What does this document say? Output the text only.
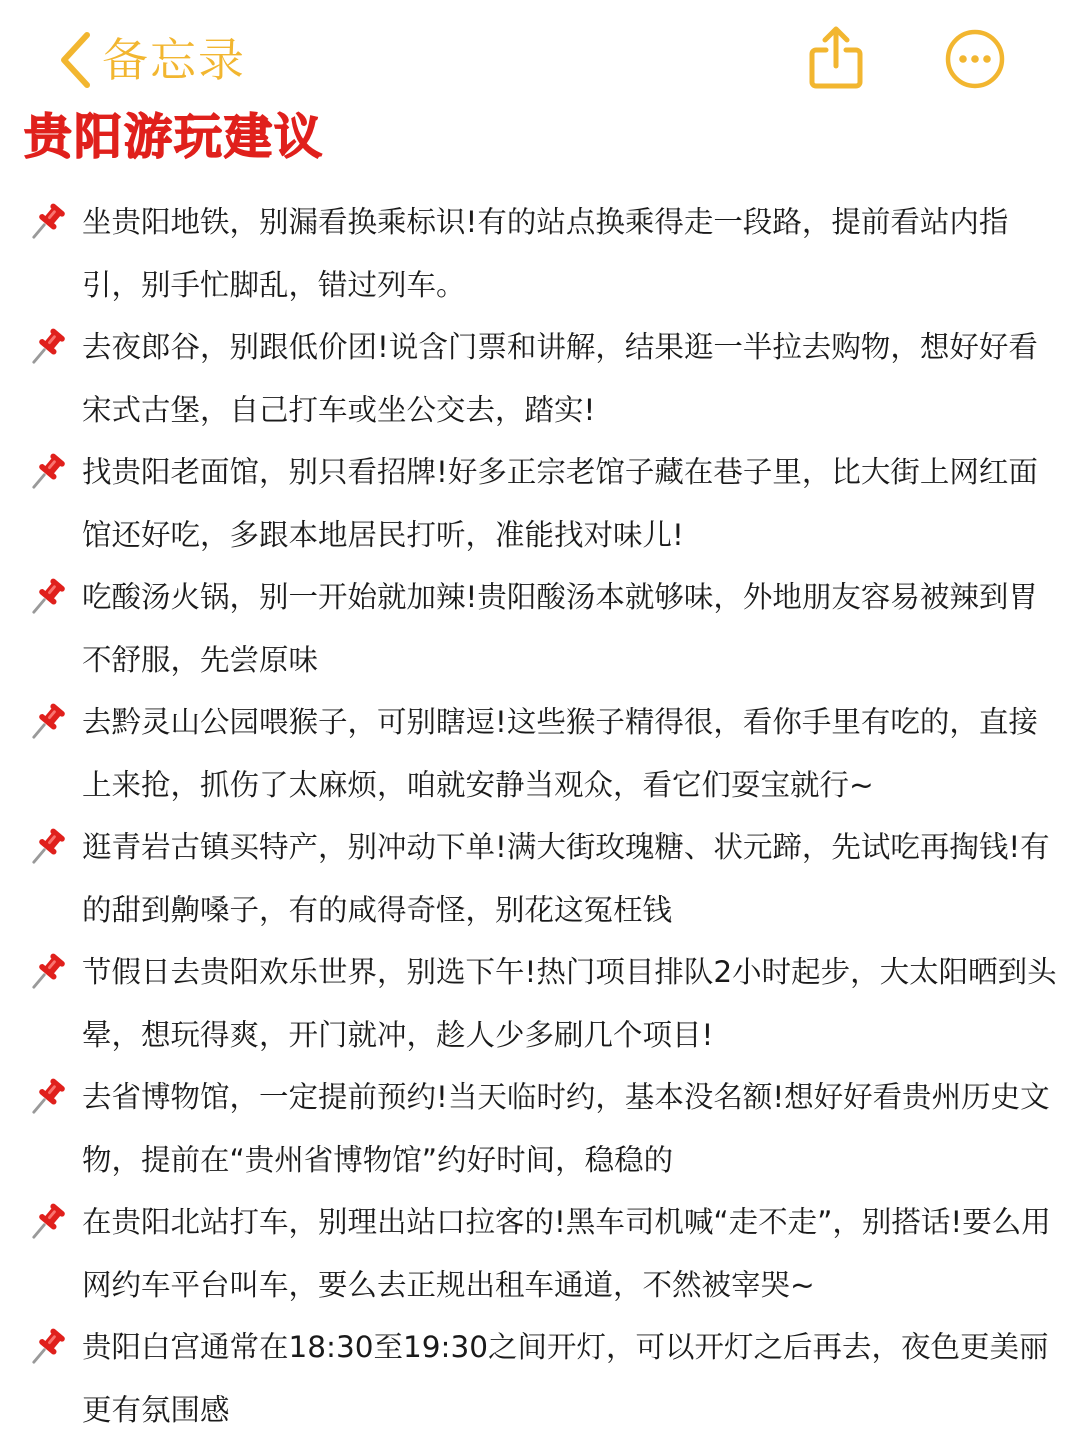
备忘录
贵阳游玩建议

坐贵阳地铁，别漏看换乘标识!有的站点换乘得走一段路，提前看站内指引，别手忙脚乱，错过列车。

去夜郎谷，别跟低价团!说含门票和讲解，结果逛一半拉去购物，想好好看宋式古堡，自己打车或坐公交去，踏实!

找贵阳老面馆，别只看招牌!好多正宗老馆子藏在巷子里，比大街上网红面馆还好吃，多跟本地居民打听，准能找对味儿!

吃酸汤火锅，别一开始就加辣!贵阳酸汤本就够味，外地朋友容易被辣到胃不舒服，先尝原味

去黔灵山公园喂猴子，可别瞎逗!这些猴子精得很，看你手里有吃的，直接上来抢，抓伤了太麻烦，咱就安静当观众，看它们耍宝就行~

逛青岩古镇买特产，别冲动下单!满大街玫瑰糖、状元蹄，先试吃再掏钱!有的甜到齁嗓子，有的咸得奇怪，别花这冤枉钱

节假日去贵阳欢乐世界，别选下午!热门项目排队2小时起步，大太阳晒到头晕，想玩得爽，开门就冲，趁人少多刷几个项目!

去省博物馆，一定提前预约!当天临时约，基本没名额!想好好看贵州历史文物，提前在“贵州省博物馆”约好时间，稳稳的

在贵阳北站打车，别理出站口拉客的!黑车司机喊“走不走”，别搭话!要么用网约车平台叫车，要么去正规出租车通道，不然被宰哭~

贵阳白宫通常在18:30至19:30之间开灯，可以开灯之后再去，夜色更美丽更有氛围感
